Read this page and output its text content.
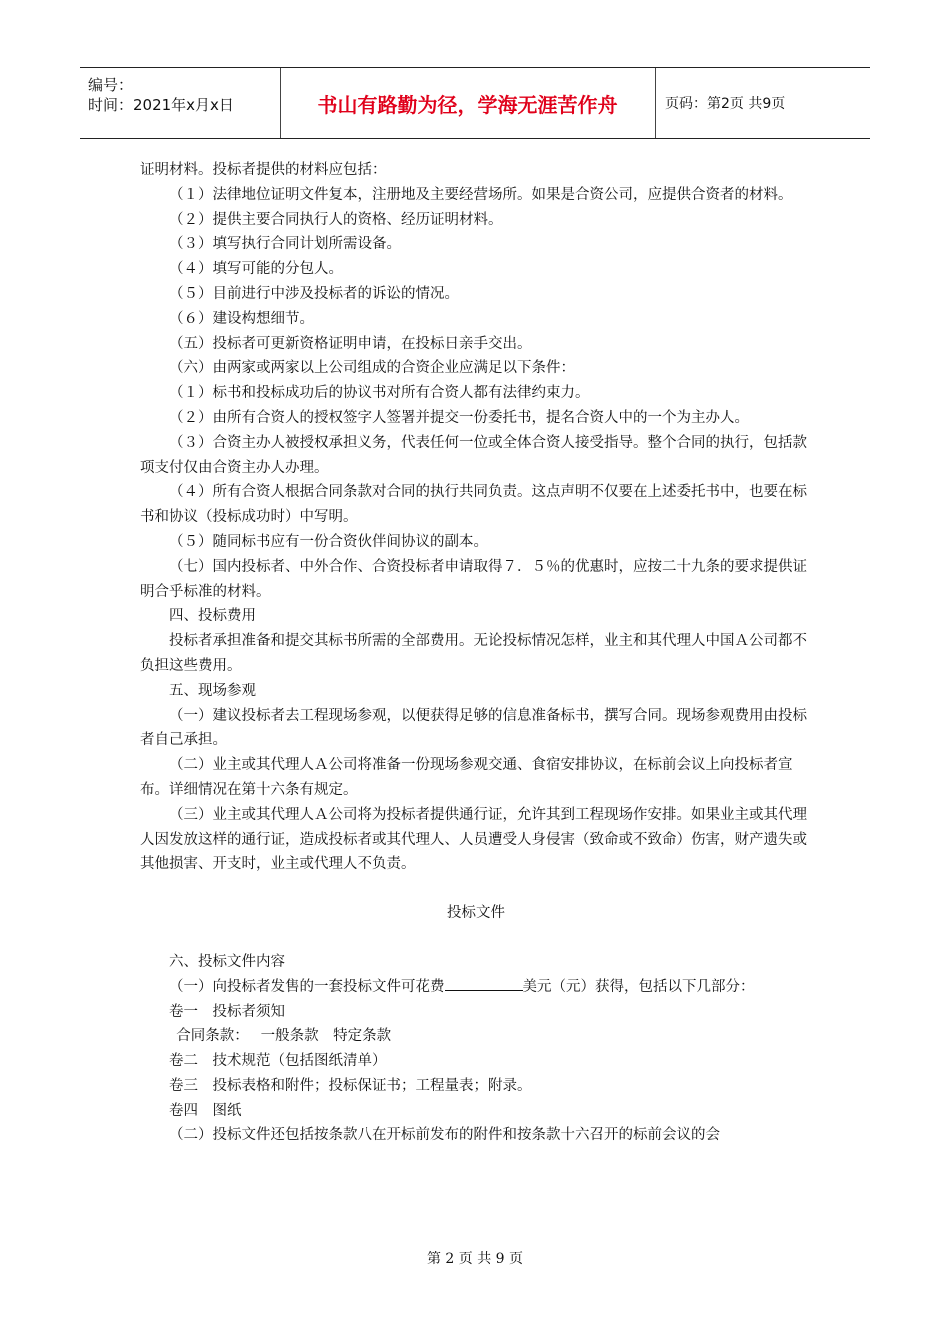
编号：
时间：2021年x月x日	书山有路勤为径，学海无涯苦作舟	页码：第2页 共9页

证明材料。投标者提供的材料应包括：

（１）法律地位证明文件复本，注册地及主要经营场所。如果是合资公司，应提供合资者的材料。

（２）提供主要合同执行人的资格、经历证明材料。

（３）填写执行合同计划所需设备。

（４）填写可能的分包人。

（５）目前进行中涉及投标者的诉讼的情况。

（６）建设构想细节。

（五）投标者可更新资格证明申请，在投标日亲手交出。

（六）由两家或两家以上公司组成的合资企业应满足以下条件：

（１）标书和投标成功后的协议书对所有合资人都有法律约束力。

（２）由所有合资人的授权签字人签署并提交一份委托书，提名合资人中的一个为主办人。

（３）合资主办人被授权承担义务，代表任何一位或全体合资人接受指导。整个合同的执行，包括款项支付仅由合资主办人办理。

（４）所有合资人根据合同条款对合同的执行共同负责。这点声明不仅要在上述委托书中，也要在标书和协议（投标成功时）中写明。

（５）随同标书应有一份合资伙伴间协议的副本。

（七）国内投标者、中外合作、合资投标者申请取得７．５％的优惠时，应按二十九条的要求提供证明合乎标准的材料。

四、投标费用

投标者承担准备和提交其标书所需的全部费用。无论投标情况怎样，业主和其代理人中国Ａ公司都不负担这些费用。

五、现场参观

（一）建议投标者去工程现场参观，以便获得足够的信息准备标书，撰写合同。现场参观费用由投标者自己承担。

（二）业主或其代理人Ａ公司将准备一份现场参观交通、食宿安排协议，在标前会议上向投标者宣布。详细情况在第十六条有规定。

（三）业主或其代理人Ａ公司将为投标者提供通行证，允许其到工程现场作安排。如果业主或其代理人因发放这样的通行证，造成投标者或其代理人、人员遭受人身侵害（致命或不致命）伤害，财产遗失或其他损害、开支时，业主或代理人不负责。

投标文件

六、投标文件内容

（一）向投标者发售的一套投标文件可花费	美元（元）获得，包括以下几部分：

卷一　投标者须知

合同条款：　 一般条款　特定条款

卷二　技术规范（包括图纸清单）

卷三　投标表格和附件；投标保证书；工程量表；附录。

卷四　图纸

（二）投标文件还包括按条款八在开标前发布的附件和按条款十六召开的标前会议的会

第 2 页 共 9 页
